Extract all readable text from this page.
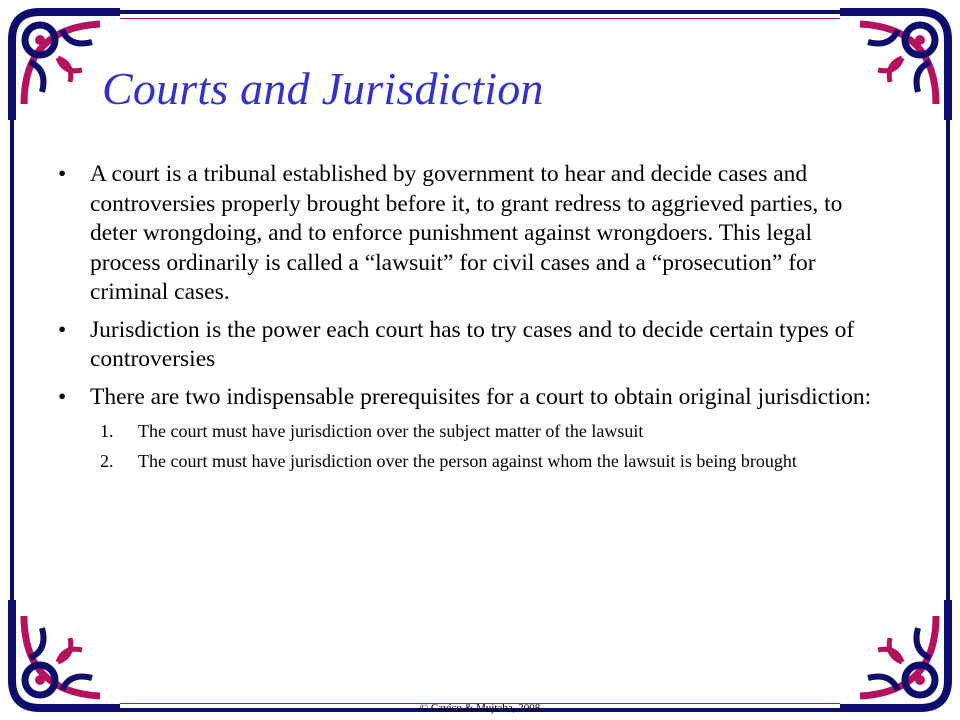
Courts and Jurisdiction
• A court is a tribunal established by government to hear and decide cases and controversies properly brought before it, to grant redress to aggrieved parties, to deter wrongdoing, and to enforce punishment against wrongdoers. This legal process ordinarily is called a “lawsuit” for civil cases and a “prosecution” for criminal cases.
• Jurisdiction is the power each court has to try cases and to decide certain types of controversies
• There are two indispensable prerequisites for a court to obtain original jurisdiction:
1. The court must have jurisdiction over the subject matter of the lawsuit
2. The court must have jurisdiction over the person against whom the lawsuit is being brought
© Cavico & Mujtaba, 2008
